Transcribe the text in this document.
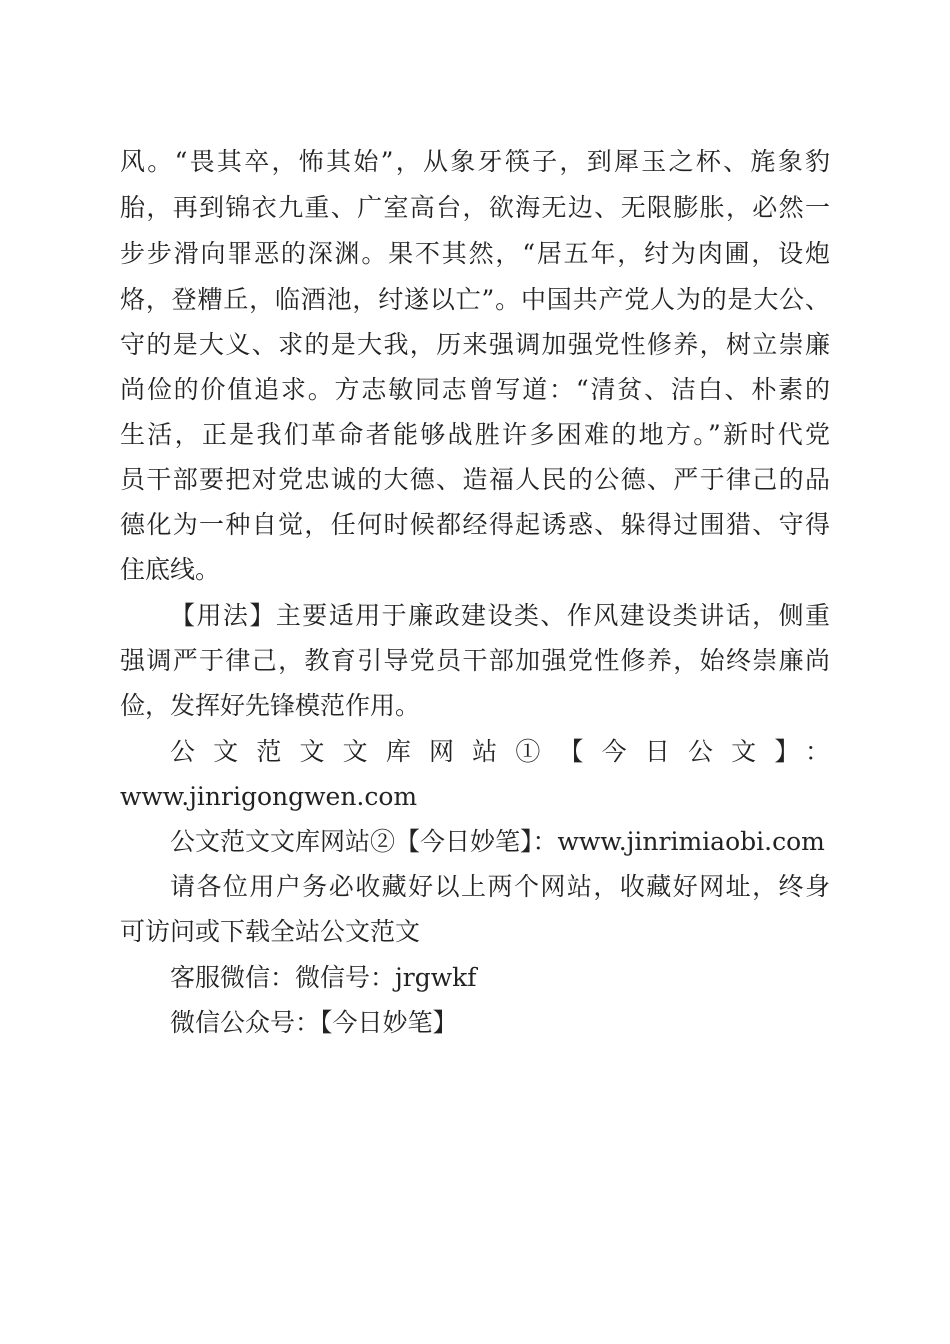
风。“畏其卒，怖其始”，从象牙筷子，到犀玉之杯、旄象豹
胎，再到锦衣九重、广室高台，欲海无边、无限膨胀，必然一
步步滑向罪恶的深渊。果不其然，“居五年，纣为肉圃，设炮
烙，登糟丘，临酒池，纣遂以亡”。中国共产党人为的是大公、
守的是大义、求的是大我，历来强调加强党性修养，树立崇廉
尚俭的价值追求。方志敏同志曾写道：“清贫、洁白、朴素的
生活，正是我们革命者能够战胜许多困难的地方。”新时代党
员干部要把对党忠诚的大德、造福人民的公德、严于律己的品
德化为一种自觉，任何时候都经得起诱惑、躲得过围猎、守得
住底线。
【用法】主要适用于廉政建设类、作风建设类讲话，侧重
强调严于律己，教育引导党员干部加强党性修养，始终崇廉尚
俭，发挥好先锋模范作用。
公文范文文库网站①【今日公文】：
www.jinrigongwen.com
公文范文文库网站②【今日妙笔】：www.jinrimiaobi.com
请各位用户务必收藏好以上两个网站，收藏好网址，终身
可访问或下载全站公文范文
客服微信：微信号：jrgwkf
微信公众号：【今日妙笔】
